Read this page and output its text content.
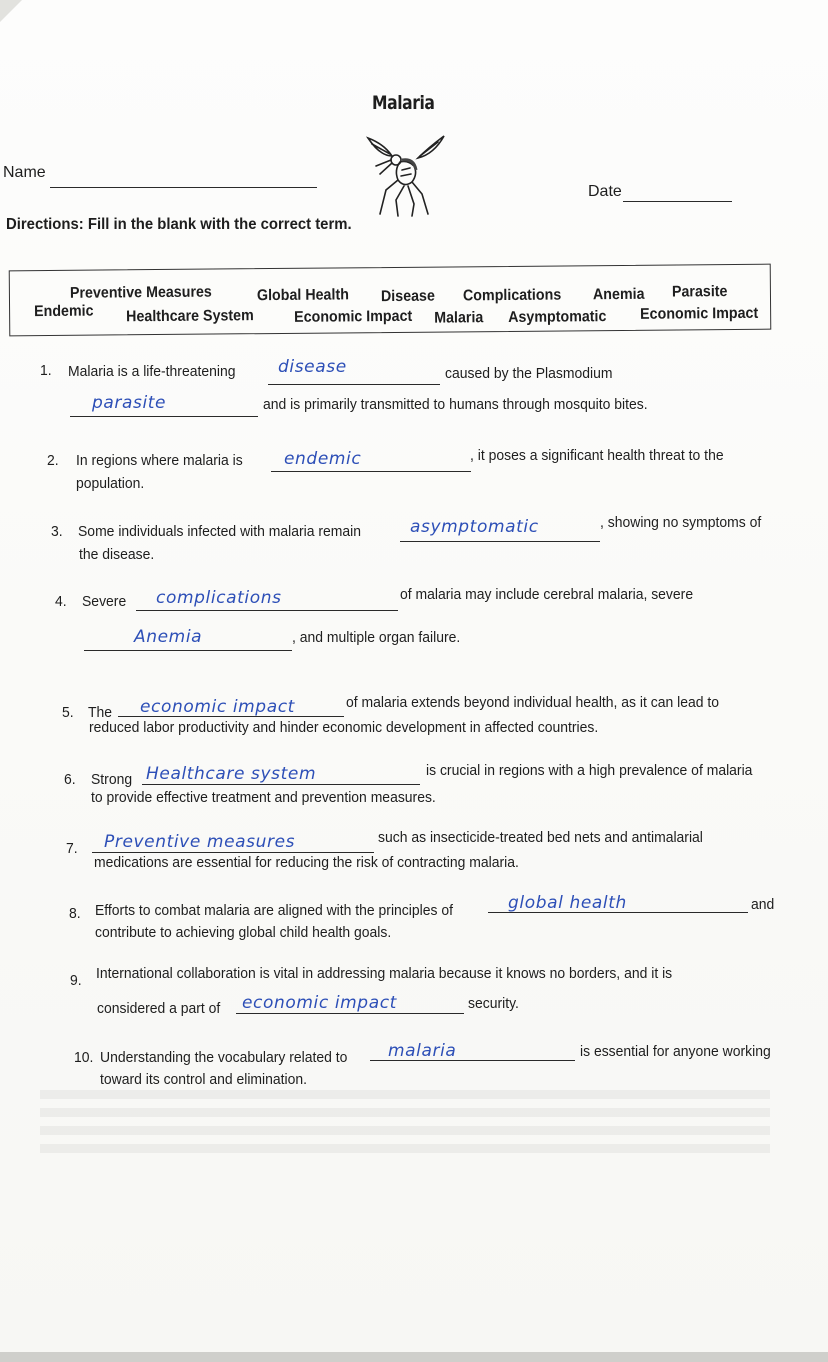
Malaria
Name
Date
Directions: Fill in the blank with the correct term.
Preventive Measures	Global Health Disease Complications Anemia Parasite
Endemic Healthcare System	Economic Impact Malaria Asymptomatic Economic Impact
1. Malaria is a life-threatening	disease	caused by the Plasmodium
parasite	and is primarily transmitted to humans through mosquito bites.
2. In regions where malaria is endemic	, it poses a significant health threat to the
population.
3. Some individuals infected with malaria remain	asymptomatic	, showing no symptoms of
the disease.
4. Severe complications	of malaria may include cerebral malaria, severe
Anemia	, and multiple organ failure.
5. The economic impact	of malaria extends beyond individual health, as it can lead to
reduced labor productivity and hinder economic development in affected countries.
6. Strong Healthcare system	is crucial in regions with a high prevalence of malaria
to provide effective treatment and prevention measures.
7. Preventive measures	such as insecticide-treated bed nets and antimalarial
medications are essential for reducing the risk of contracting malaria.
8. Efforts to combat malaria are aligned with the principles of	global health	and
contribute to achieving global child health goals.
9. International collaboration is vital in addressing malaria because it knows no borders, and it is
considered a part of economic impact	security.
10. Understanding the vocabulary related to malaria	is essential for anyone working
toward its control and elimination.
